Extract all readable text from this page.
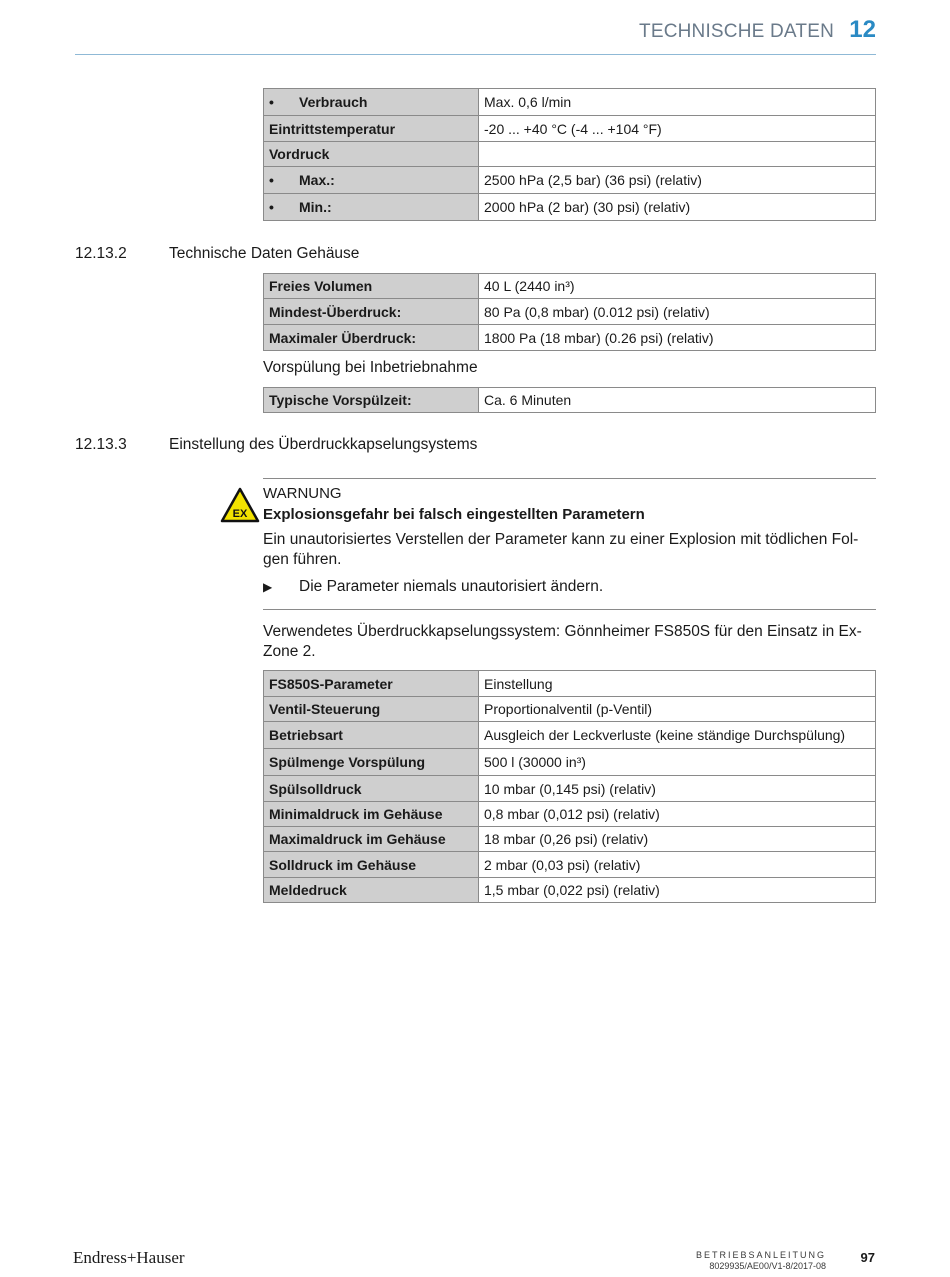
TECHNISCHE DATEN 12
• Verbrauch	Max. 0,6 l/min
Eintrittstemperatur	-20 ... +40 °C (-4 ... +104 °F)
Vordruck	
• Max.:	2500 hPa (2,5 bar) (36 psi) (relativ)
• Min.:	2000 hPa (2 bar) (30 psi) (relativ)
12.13.2	Technische Daten Gehäuse
Freies Volumen	40 L (2440 in³)
Mindest-Überdruck:	80 Pa (0,8 mbar) (0.012 psi) (relativ)
Maximaler Überdruck:	1800 Pa (18 mbar) (0.26 psi) (relativ)
Vorspülung bei Inbetriebnahme
Typische Vorspülzeit:	Ca. 6 Minuten
12.13.3	Einstellung des Überdruckkapselungsystems
EX
WARNUNG
Explosionsgefahr bei falsch eingestellten Parametern
Ein unautorisiertes Verstellen der Parameter kann zu einer Explosion mit tödlichen Fol-gen führen.
▶ Die Parameter niemals unautorisiert ändern.
Verwendetes Überdruckkapselungssystem: Gönnheimer FS850S für den Einsatz in Ex-Zone 2.
FS850S-Parameter	Einstellung
Ventil-Steuerung	Proportionalventil (p-Ventil)
Betriebsart	Ausgleich der Leckverluste (keine ständige Durchspülung)
Spülmenge Vorspülung	500 l (30000 in³)
Spülsolldruck	10 mbar (0,145 psi) (relativ)
Minimaldruck im Gehäuse	0,8 mbar (0,012 psi) (relativ)
Maximaldruck im Gehäuse	18 mbar (0,26 psi) (relativ)
Solldruck im Gehäuse	2 mbar (0,03 psi) (relativ)
Meldedruck	1,5 mbar (0,022 psi) (relativ)
Endress+Hauser	BETRIEBSANLEITUNG
8029935/AE00/V1-8/2017-08
97
